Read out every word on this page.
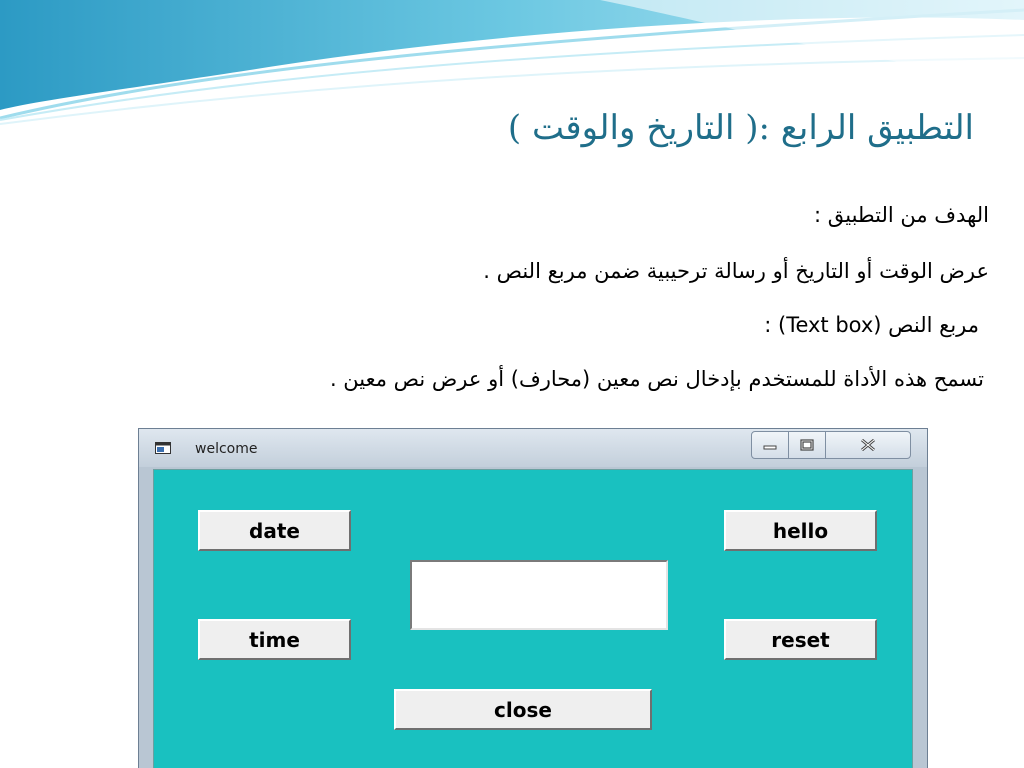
التطبيق الرابع :( التاريخ والوقت )
الهدف من التطبيق :
عرض الوقت أو التاريخ أو رسالة ترحيبية ضمن مربع النص .
مربع النص (Text box) :
تسمح هذه الأداة للمستخدم بإدخال نص معين (محارف) أو عرض نص معين .
welcome
date	hello
time	reset
close
